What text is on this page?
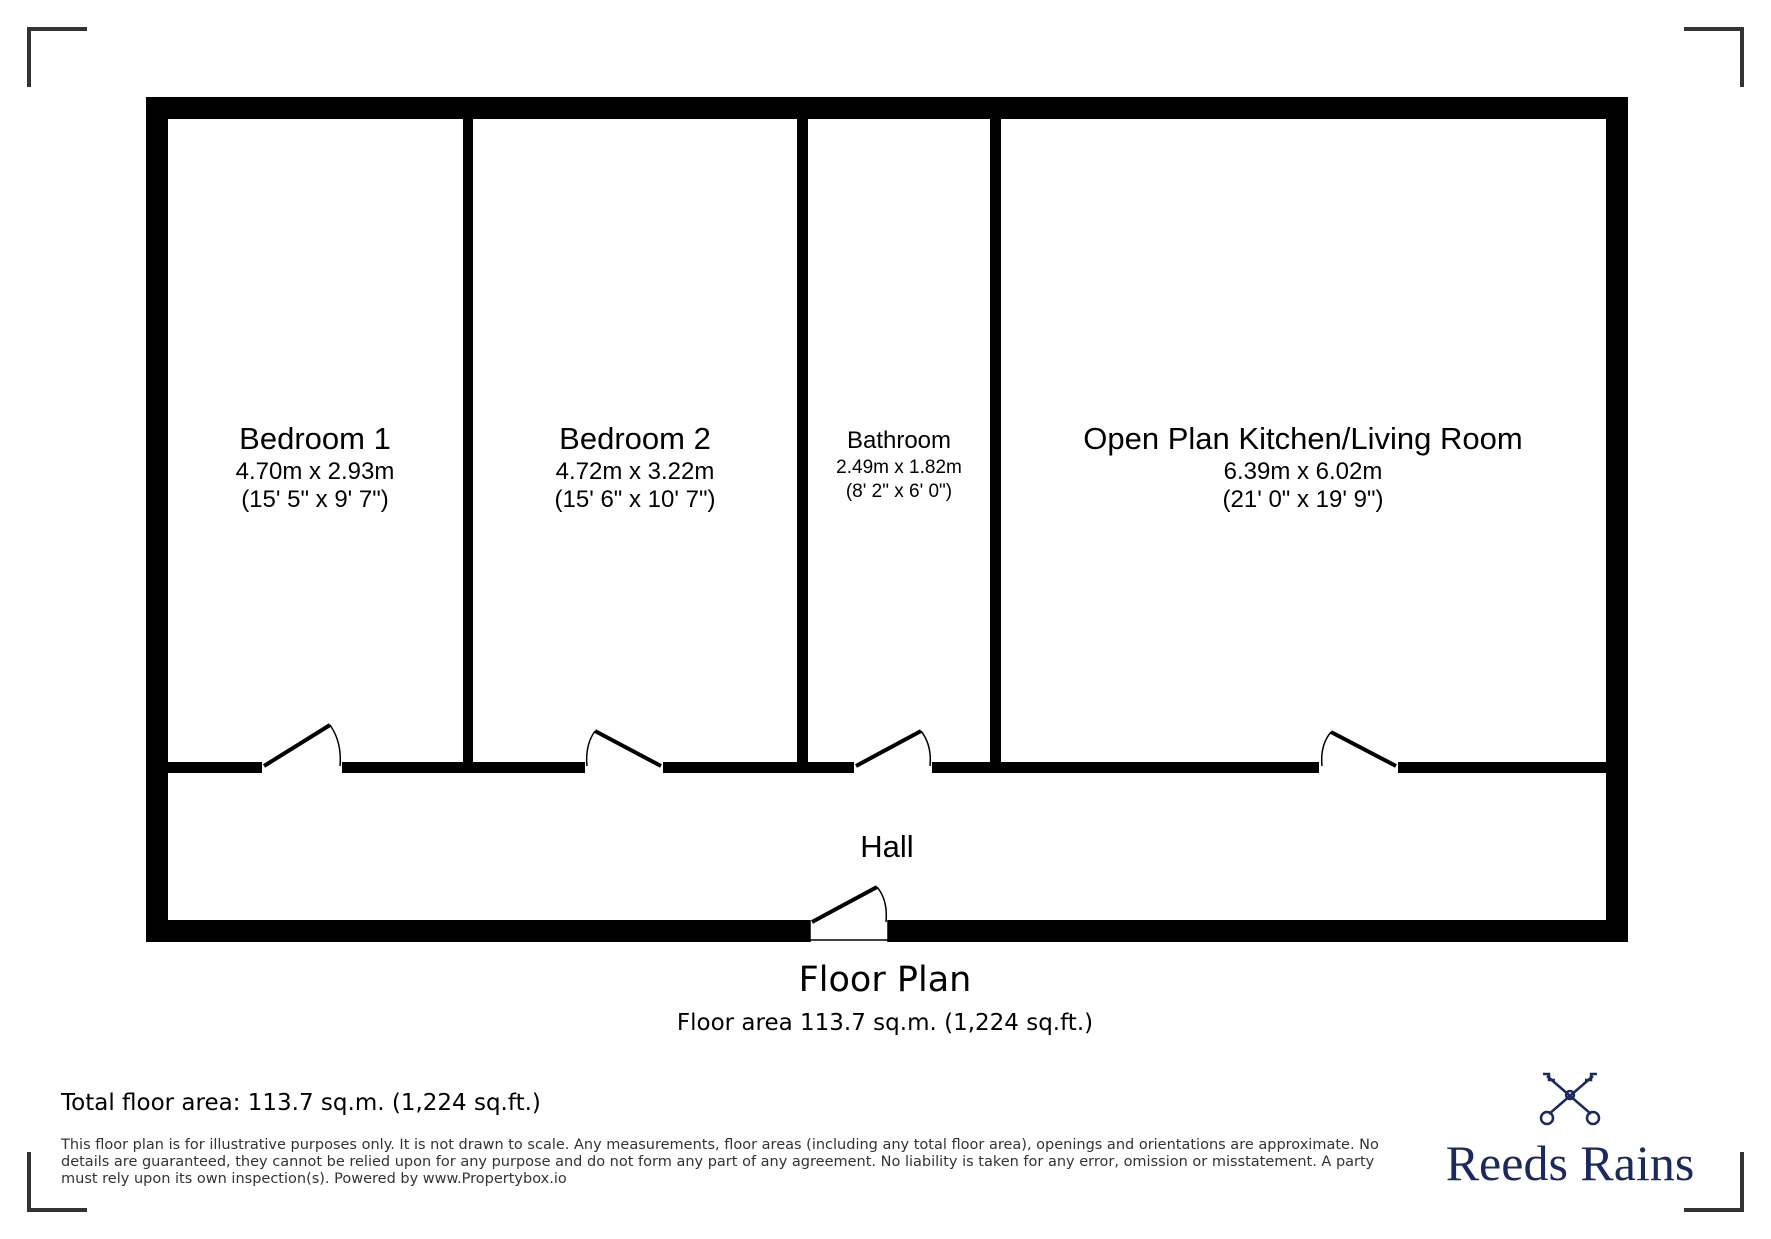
Bedroom 1
4.70m x 2.93m
(15' 5" x 9' 7")
Bedroom 2
4.72m x 3.22m
(15' 6" x 10' 7")
Bathroom
2.49m x 1.82m
(8' 2" x 6' 0")
Open Plan Kitchen/Living Room
6.39m x 6.02m
(21' 0" x 19' 9")
Hall
Floor Plan
Floor area 113.7 sq.m. (1,224 sq.ft.)
Total floor area: 113.7 sq.m. (1,224 sq.ft.)
This floor plan is for illustrative purposes only. It is not drawn to scale. Any measurements, floor areas (including any total floor area), openings and orientations are approximate. No details are guaranteed, they cannot be relied upon for any purpose and do not form any part of any agreement. No liability is taken for any error, omission or misstatement. A party must rely upon its own inspection(s). Powered by www.Propertybox.io	Reeds Rains
